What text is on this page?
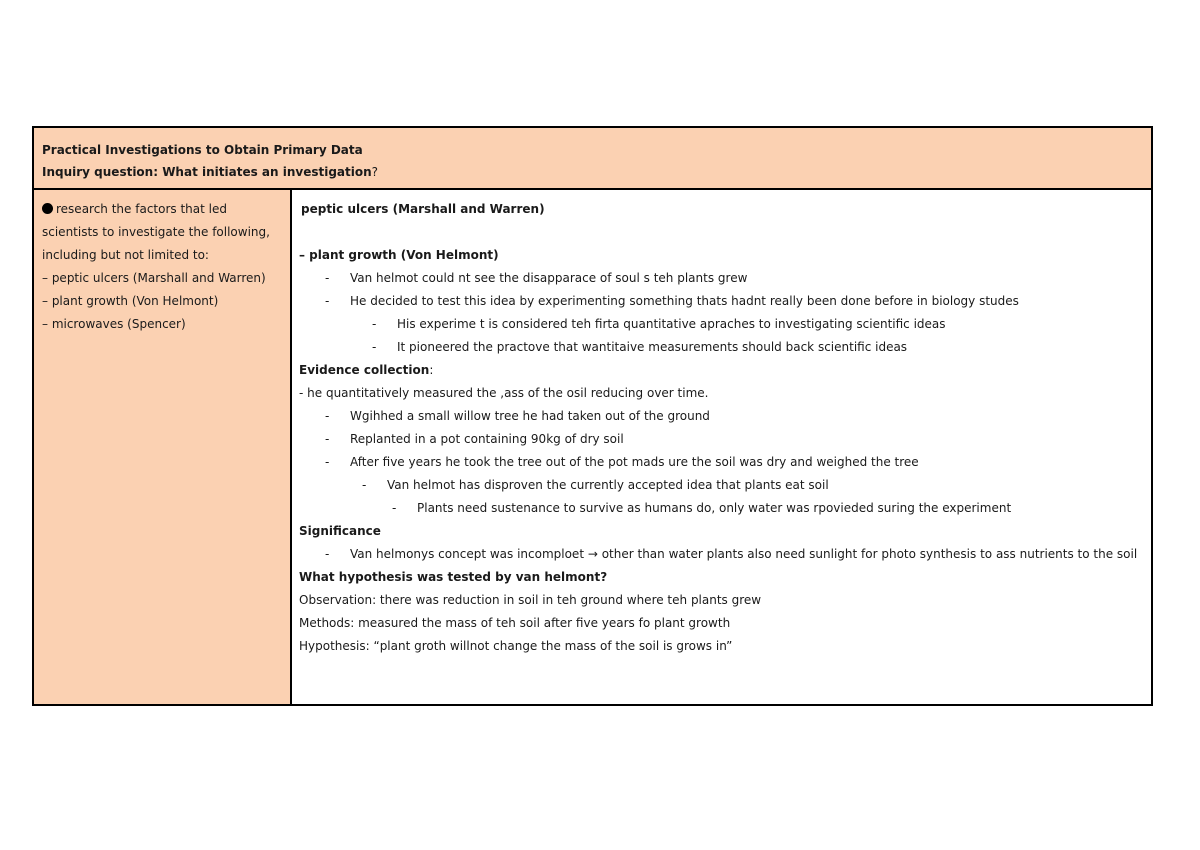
Practical Investigations to Obtain Primary Data
Inquiry question: What initiates an investigation?
research the factors that led
scientists to investigate the following,
including but not limited to:
– peptic ulcers (Marshall and Warren)
– plant growth (Von Helmont)
– microwaves (Spencer)
peptic ulcers (Marshall and Warren)
– plant growth (Von Helmont)
- Van helmot could nt see the disapparace of soul s teh plants grew
- He decided to test this idea by experimenting something thats hadnt really been done before in biology studes
- His experime t is considered teh firta quantitative apraches to investigating scientific ideas
- It pioneered the practove that wantitaive measurements should back scientific ideas
Evidence collection:
- he quantitatively measured the ,ass of the osil reducing over time.
- Wgihhed a small willow tree he had taken out of the ground
- Replanted in a pot containing 90kg of dry soil
- After five years he took the tree out of the pot mads ure the soil was dry and weighed the tree
- Van helmot has disproven the currently accepted idea that plants eat soil
- Plants need sustenance to survive as humans do, only water was rpovieded suring the experiment
Significance
- Van helmonys concept was incomploet → other than water plants also need sunlight for photo synthesis to ass nutrients to the soil
What hypothesis was tested by van helmont?
Observation: there was reduction in soil in teh ground where teh plants grew
Methods: measured the mass of teh soil after five years fo plant growth
Hypothesis: “plant groth willnot change the mass of the soil is grows in”
